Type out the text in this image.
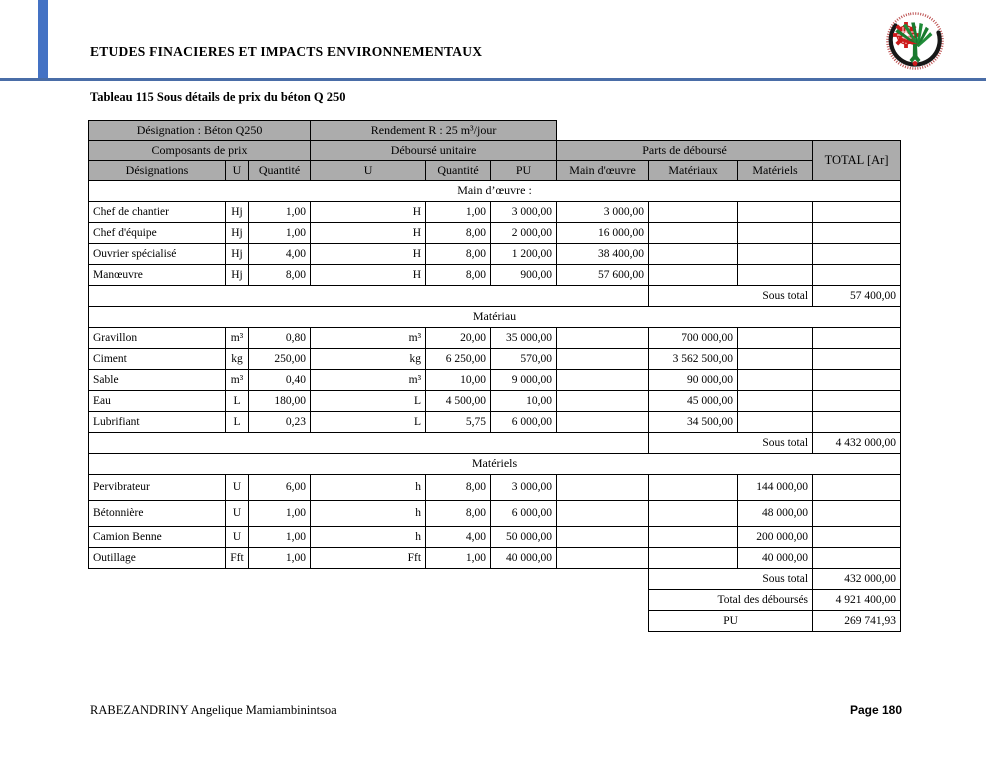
ETUDES FINACIERES ET IMPACTS ENVIRONNEMENTAUX
Tableau 115 Sous détails de prix du béton Q 250
Désignation : Béton Q250			Rendement R : 25 m³/jour						
Composants de prix			Déboursé unitaire			Parts de déboursé			TOTAL [Ar]
Désignations	U	Quantité	U	Quantité	PU	Main d'œuvre	Matériaux	Matériels	
Main d’œuvre :									
Chef de chantier	Hj	1,00	H	1,00	3 000,00	3 000,00			
Chef d'équipe	Hj	1,00	H	8,00	2 000,00	16 000,00			
Ouvrier spécialisé	Hj	4,00	H	8,00	1 200,00	38 400,00			
Manœuvre	Hj	8,00	H	8,00	900,00	57 600,00			
							Sous total		57 400,00
Matériau									
Gravillon	m³	0,80	m³	20,00	35 000,00		700 000,00		
Ciment	kg	250,00	kg	6 250,00	570,00		3 562 500,00		
Sable	m³	0,40	m³	10,00	9 000,00		90 000,00		
Eau	L	180,00	L	4 500,00	10,00		45 000,00		
Lubrifiant	L	0,23	L	5,75	6 000,00		34 500,00		
							Sous total		4 432 000,00
Matériels									
Pervibrateur	U	6,00	h	8,00	3 000,00			144 000,00	
Bétonnière	U	1,00	h	8,00	6 000,00			48 000,00	
Camion Benne	U	1,00	h	4,00	50 000,00			200 000,00	
Outillage	Fft	1,00	Fft	1,00	40 000,00			40 000,00	
							Sous total		432 000,00
							Total des déboursés		4 921 400,00
							PU		269 741,93
RABEZANDRINY Angelique Mamiambinintsoa	Page 180
